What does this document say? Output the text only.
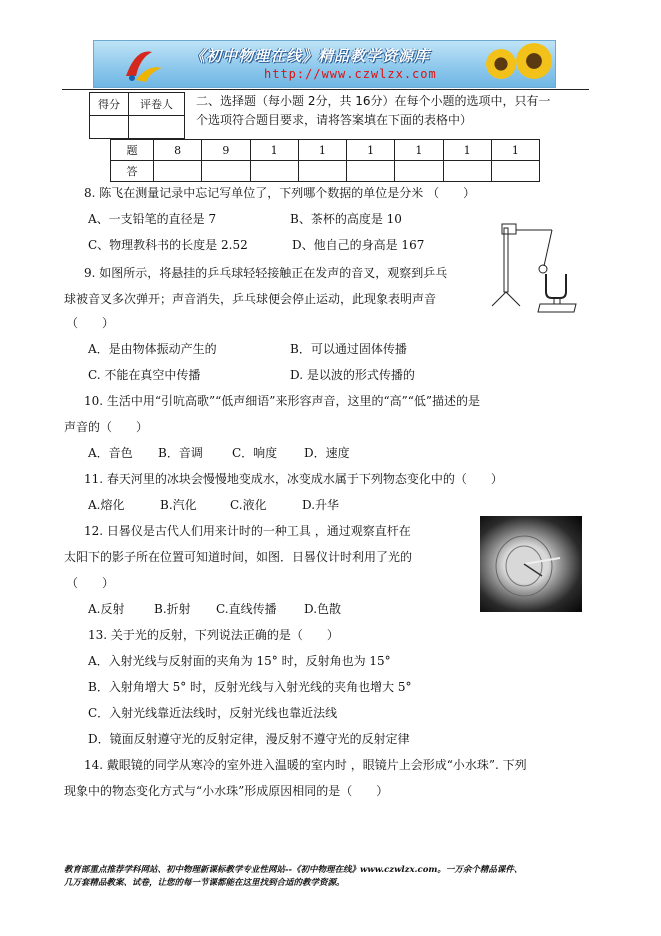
《初中物理在线》精品教学资源库
http://www.czwlzx.com
得分	评卷人
	二、选择题（每小题 2分，共 16分）在每个小题的选项中，只有一
个选项符合题目要求，请将答案填在下面的表格中）
题	8	9	1	1	1	1	1	1
答								
8. 陈飞在测量记录中忘记写单位了，下列哪个数据的单位是分米 （　　）
A、一支铅笔的直径是 7	B、茶杯的高度是 10
C、物理教科书的长度是 2.52	D、他自己的身高是 167
9. 如图所示，将悬挂的乒乓球轻轻接触正在发声的音叉，观察到乒乓
球被音叉多次弹开；声音消失，乒乓球便会停止运动，此现象表明声音
（　　）
A．是由物体振动产生的	B．可以通过固体传播
C. 不能在真空中传播	D. 是以波的形式传播的
10. 生活中用“引吭高歌”“低声细语”来形容声音，这里的“高”“低”描述的是
声音的（　　）
A．音色 B．音调 C．响度 D．速度
11. 春天河里的冰块会慢慢地变成水，冰变成水属于下列物态变化中的（　　）
A.熔化	B.汽化	C.液化	D.升华
12. 日晷仪是古代人们用来计时的一种工具 ，通过观察直杆在
太阳下的影子所在位置可知道时间，如图．日晷仪计时利用了光的
（　　）
A.反射 B.折射 C.直线传播 D.色散
13. 关于光的反射，下列说法正确的是（　　）
A．入射光线与反射面的夹角为 15° 时，反射角也为 15°
B．入射角增大 5° 时，反射光线与入射光线的夹角也增大 5°
C．入射光线靠近法线时，反射光线也靠近法线
D．镜面反射遵守光的反射定律，漫反射不遵守光的反射定律
14. 戴眼镜的同学从寒冷的室外进入温暖的室内时 ，眼镜片上会形成“小水珠”. 下列
现象中的物态变化方式与“小水珠”形成原因相同的是（　　）
教育部重点推荐学科网站、初中物理新课标教学专业性网站--《初中物理在线》www.czwlzx.com。一万余个精品课件、
几万套精品教案、试卷，让您的每一节课都能在这里找到合适的教学资源。
